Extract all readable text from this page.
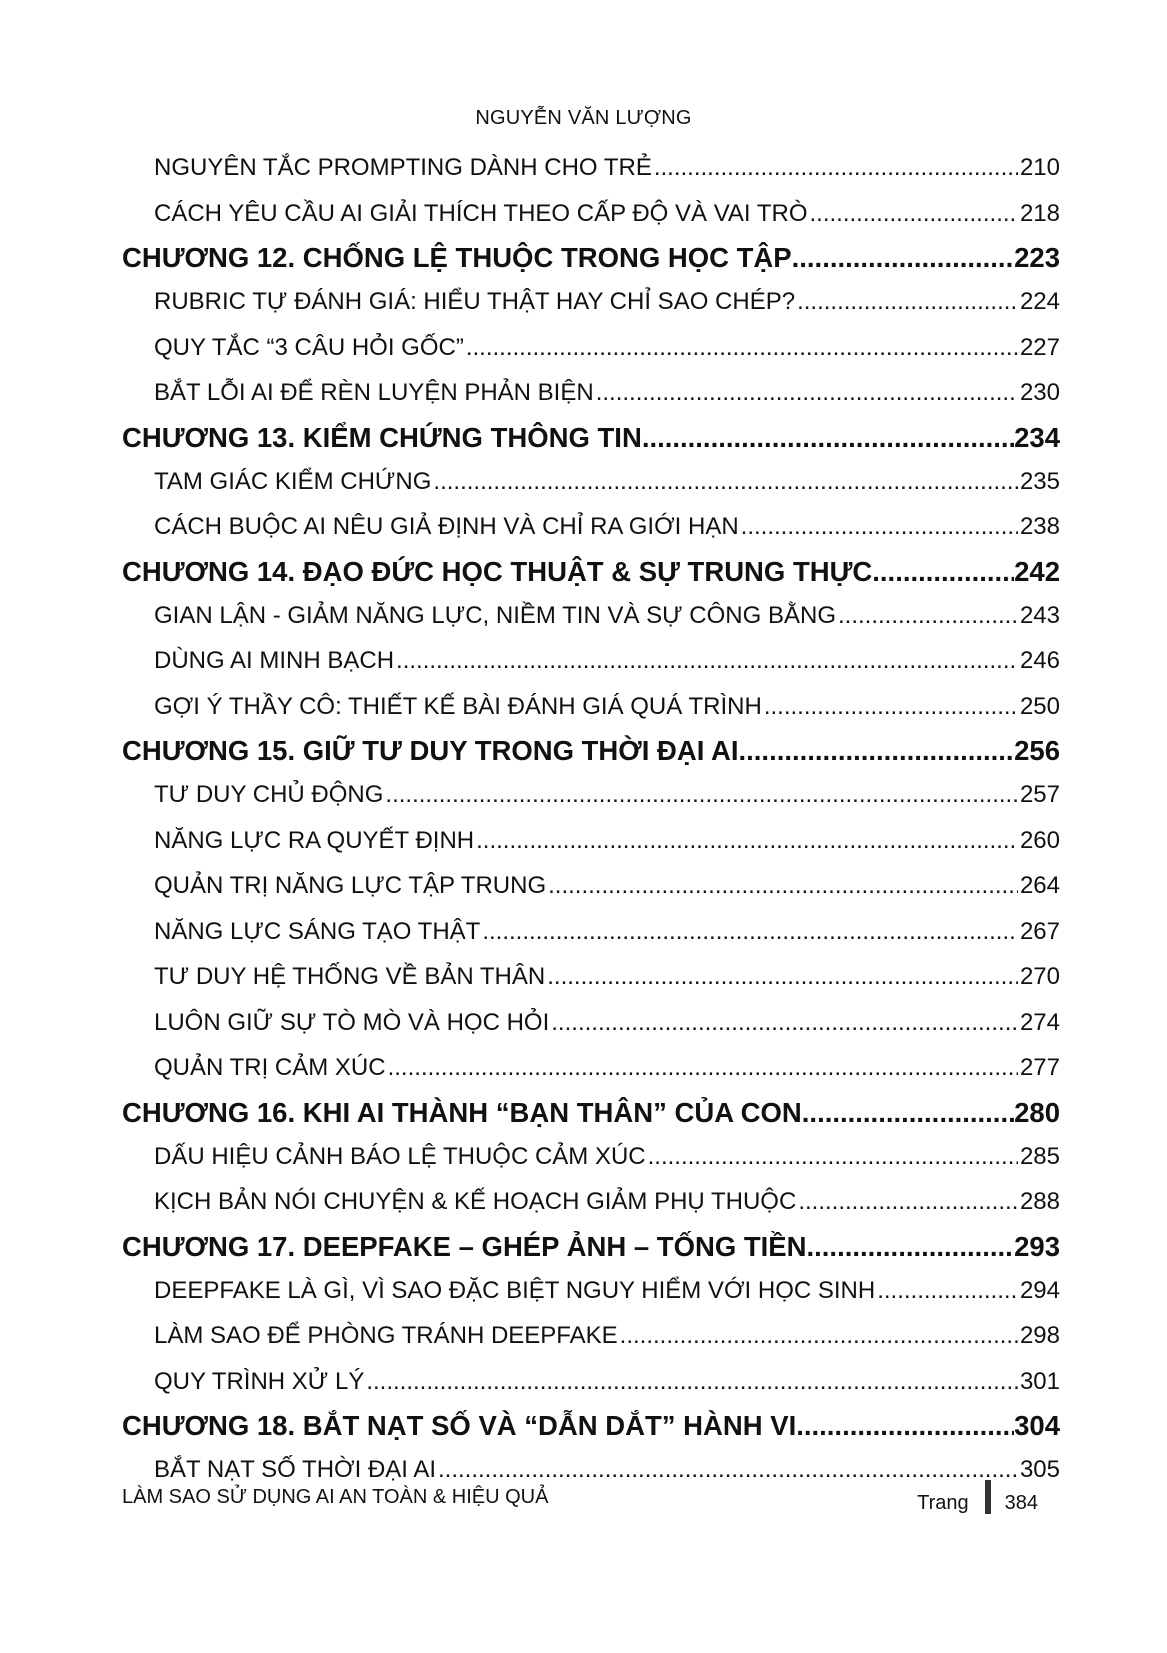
NGUYỄN VĂN LƯỢNG
NGUYÊN TẮC PROMPTING DÀNH CHO TRẺ .....	210
CÁCH YÊU CẦU AI GIẢI THÍCH THEO CẤP ĐỘ VÀ VAI TRÒ .....	218
CHƯƠNG 12. CHỐNG LỆ THUỘC TRONG HỌC TẬP .....	223
RUBRIC TỰ ĐÁNH GIÁ: HIỂU THẬT HAY CHỈ SAO CHÉP? .....	224
QUY TẮC “3 CÂU HỎI GỐC” .....	227
BẮT LỖI AI ĐỂ RÈN LUYỆN PHẢN BIỆN .....	230
CHƯƠNG 13. KIỂM CHỨNG THÔNG TIN .....	234
TAM GIÁC KIỂM CHỨNG .....	235
CÁCH BUỘC AI NÊU GIẢ ĐỊNH VÀ CHỈ RA GIỚI HẠN .....	238
CHƯƠNG 14. ĐẠO ĐỨC HỌC THUẬT & SỰ TRUNG THỰC .....	242
GIAN LẬN - GIẢM NĂNG LỰC, NIỀM TIN VÀ SỰ CÔNG BẰNG .....	243
DÙNG AI MINH BẠCH .....	246
GỢI Ý THẦY CÔ: THIẾT KẾ BÀI ĐÁNH GIÁ QUÁ TRÌNH .....	250
CHƯƠNG 15. GIỮ TƯ DUY TRONG THỜI ĐẠI AI .....	256
TƯ DUY CHỦ ĐỘNG .....	257
NĂNG LỰC RA QUYẾT ĐỊNH .....	260
QUẢN TRỊ NĂNG LỰC TẬP TRUNG .....	264
NĂNG LỰC SÁNG TẠO THẬT .....	267
TƯ DUY HỆ THỐNG VỀ BẢN THÂN .....	270
LUÔN GIỮ SỰ TÒ MÒ VÀ HỌC HỎI .....	274
QUẢN TRỊ CẢM XÚC .....	277
CHƯƠNG 16. KHI AI THÀNH “BẠN THÂN” CỦA CON .....	280
DẤU HIỆU CẢNH BÁO LỆ THUỘC CẢM XÚC .....	285
KỊCH BẢN NÓI CHUYỆN & KẾ HOẠCH GIẢM PHỤ THUỘC .....	288
CHƯƠNG 17. DEEPFAKE – GHÉP ẢNH – TỐNG TIỀN .....	293
DEEPFAKE LÀ GÌ, VÌ SAO ĐẶC BIỆT NGUY HIỂM VỚI HỌC SINH .....	294
LÀM SAO ĐỂ PHÒNG TRÁNH DEEPFAKE .....	298
QUY TRÌNH XỬ LÝ .....	301
CHƯƠNG 18. BẮT NẠT SỐ VÀ “DẪN DẮT” HÀNH VI .....	304
BẮT NẠT SỐ THỜI ĐẠI AI .....	305
LÀM SAO SỬ DỤNG AI AN TOÀN & HIỆU QUẢ	Trang 384
